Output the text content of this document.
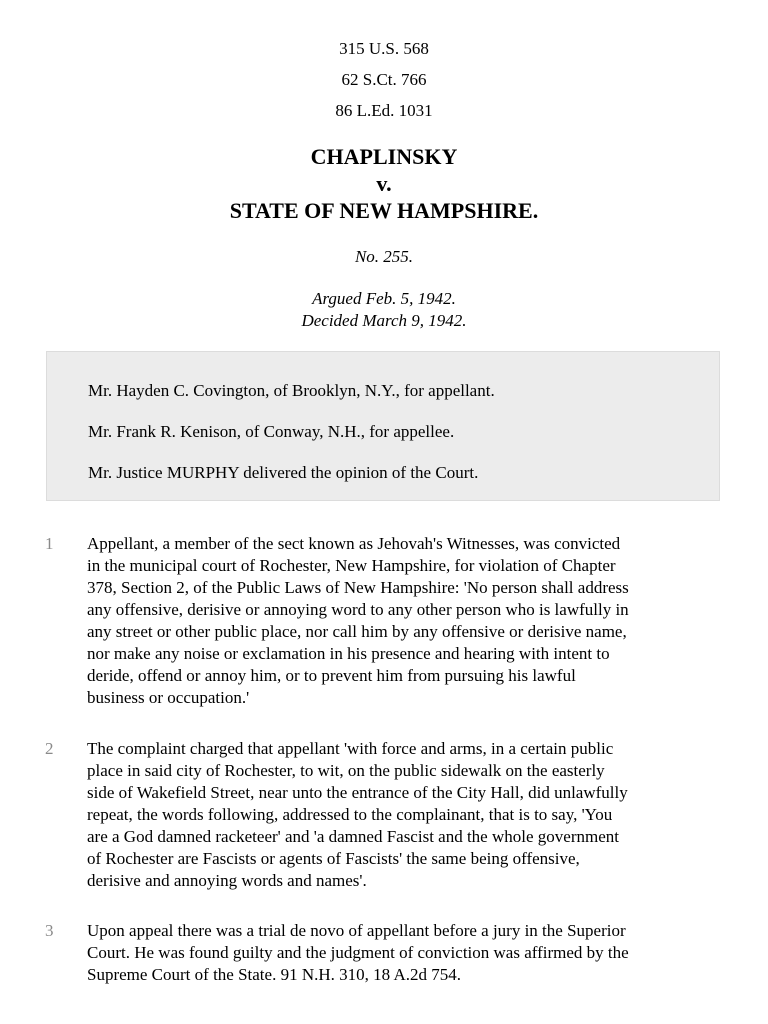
315 U.S. 568
62 S.Ct. 766
86 L.Ed. 1031
CHAPLINSKY
v.
STATE OF NEW HAMPSHIRE.
No. 255.
Argued Feb. 5, 1942.
Decided March 9, 1942.

Mr. Hayden C. Covington, of Brooklyn, N.Y., for appellant.

Mr. Frank R. Kenison, of Conway, N.H., for appellee.

Mr. Justice MURPHY delivered the opinion of the Court.

1 Appellant, a member of the sect known as Jehovah's Witnesses, was convicted
in the municipal court of Rochester, New Hampshire, for violation of Chapter
378, Section 2, of the Public Laws of New Hampshire: 'No person shall address
any offensive, derisive or annoying word to any other person who is lawfully in
any street or other public place, nor call him by any offensive or derisive name,
nor make any noise or exclamation in his presence and hearing with intent to
deride, offend or annoy him, or to prevent him from pursuing his lawful
business or occupation.'
2 The complaint charged that appellant 'with force and arms, in a certain public
place in said city of Rochester, to wit, on the public sidewalk on the easterly
side of Wakefield Street, near unto the entrance of the City Hall, did unlawfully
repeat, the words following, addressed to the complainant, that is to say, 'You
are a God damned racketeer' and 'a damned Fascist and the whole government
of Rochester are Fascists or agents of Fascists' the same being offensive,
derisive and annoying words and names'.
3 Upon appeal there was a trial de novo of appellant before a jury in the Superior
Court. He was found guilty and the judgment of conviction was affirmed by the
Supreme Court of the State. 91 N.H. 310, 18 A.2d 754.
